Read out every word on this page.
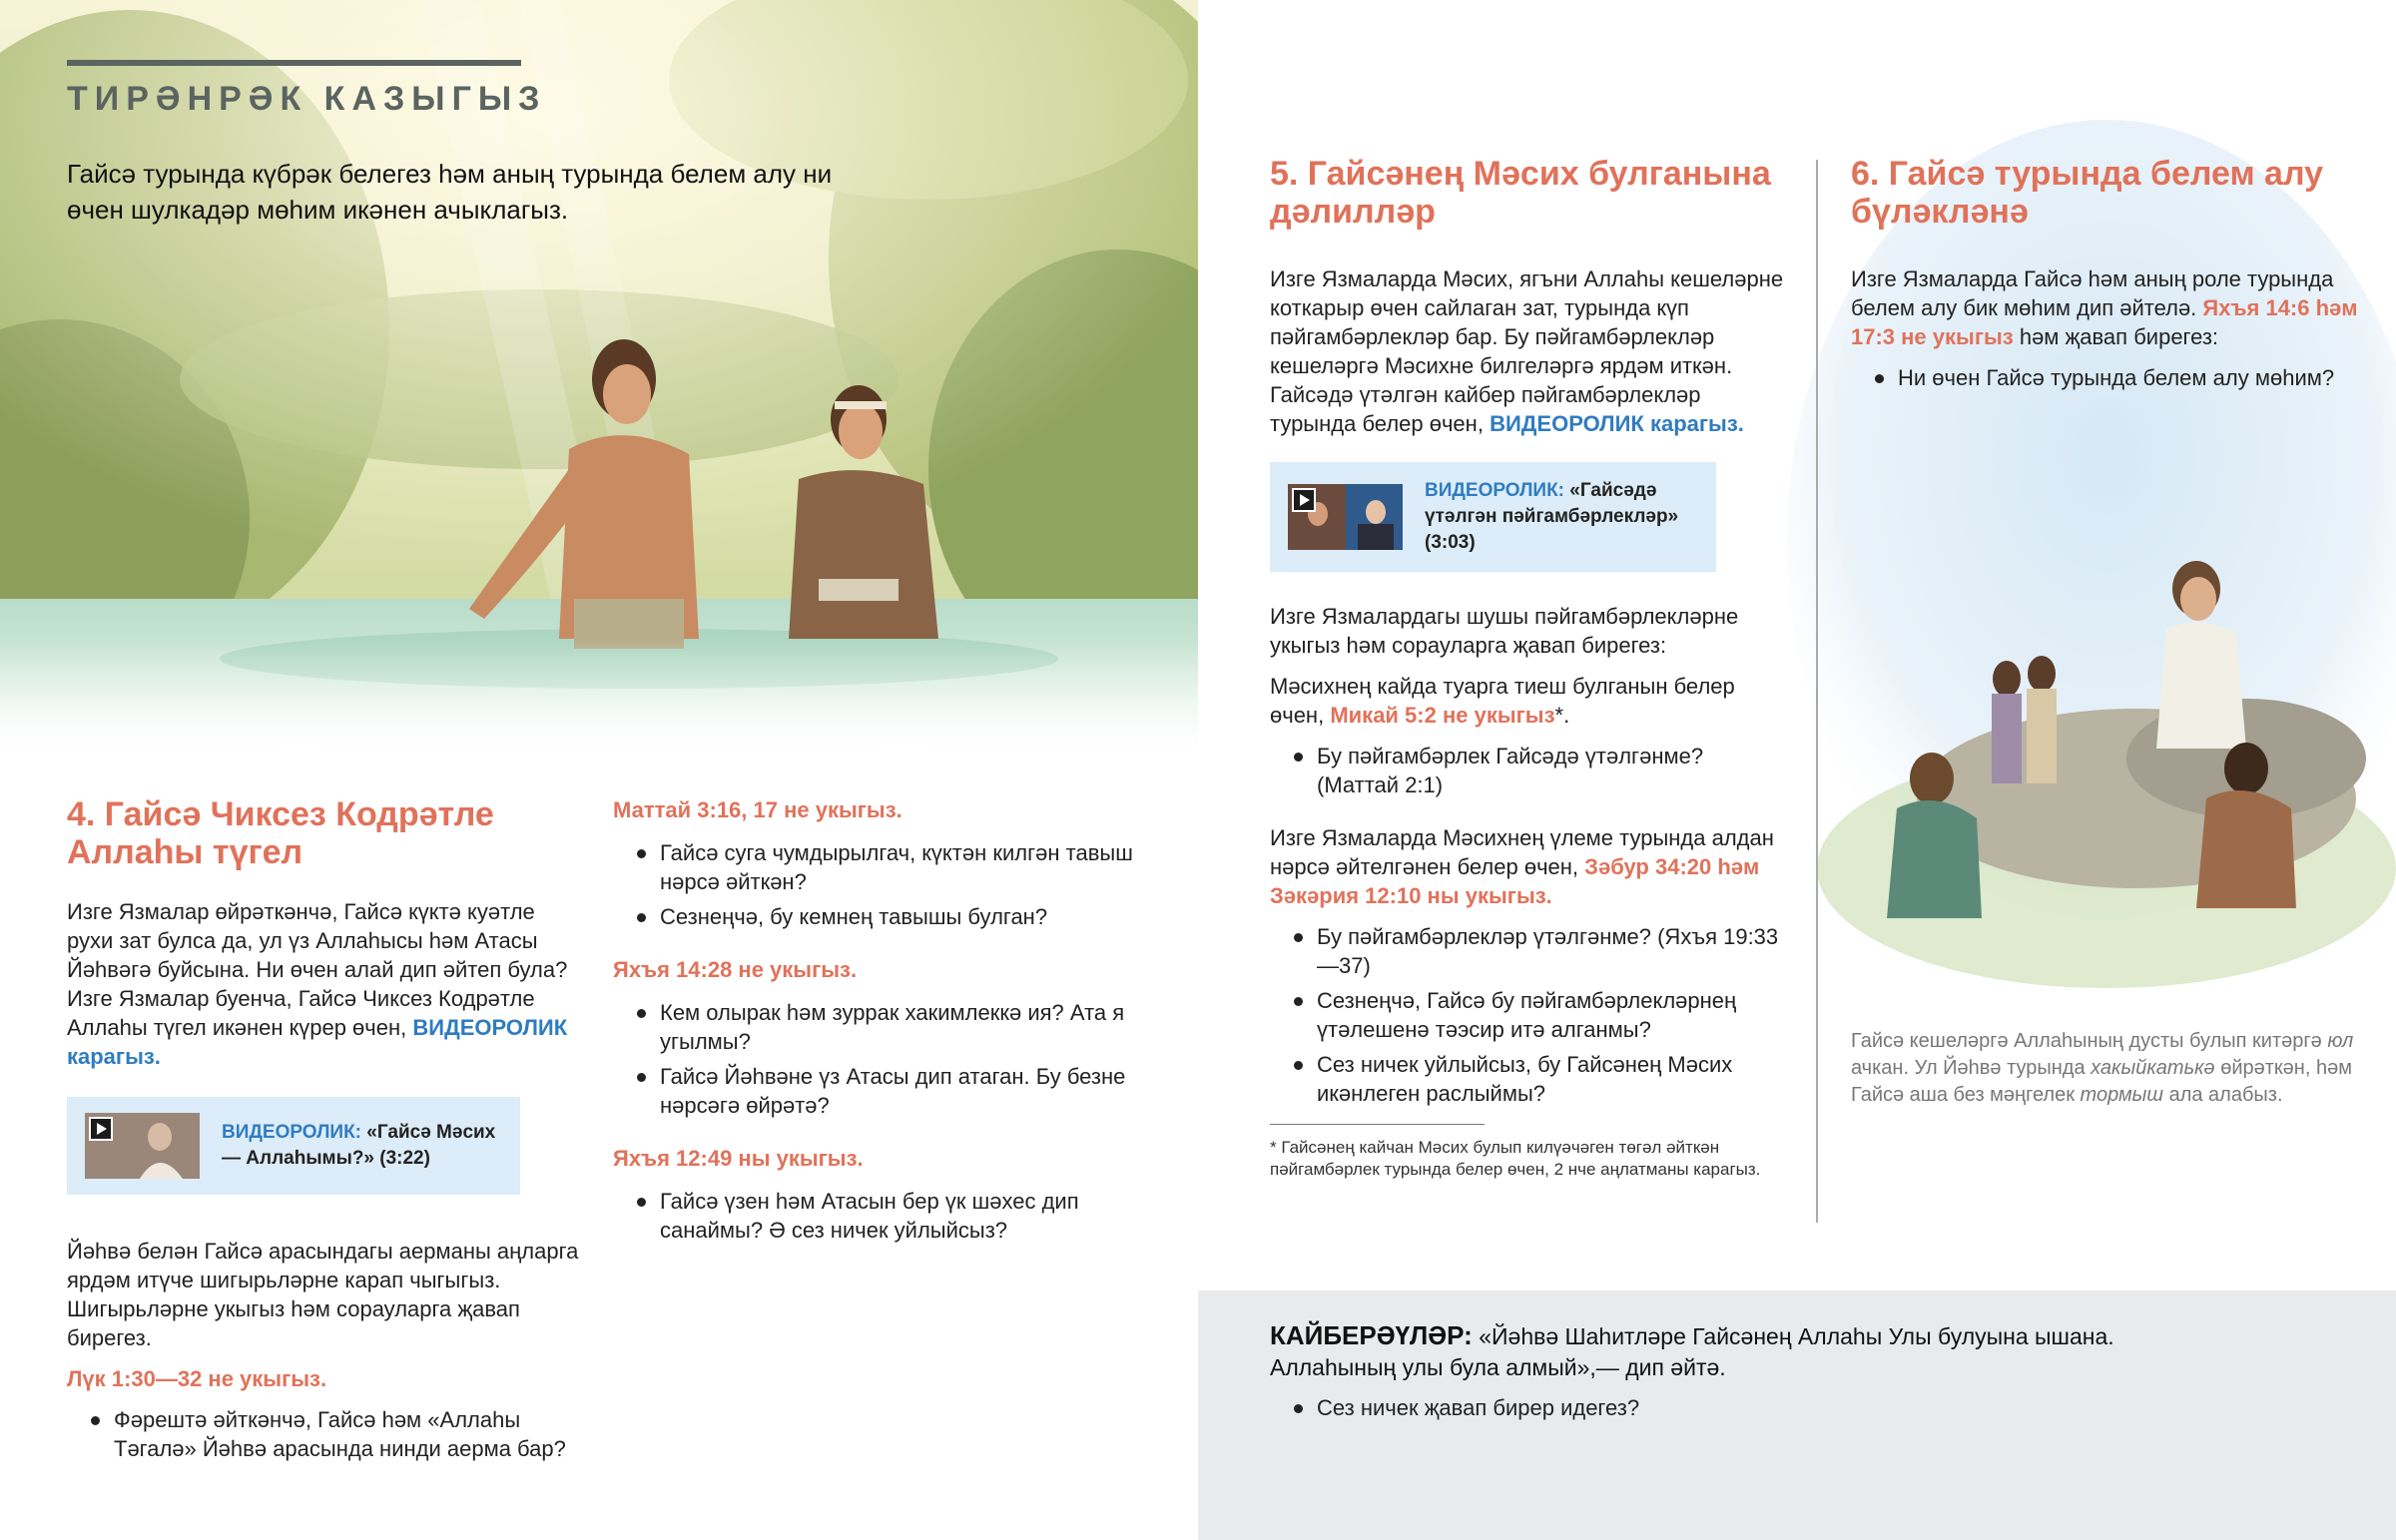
ТИРӘНРӘК КАЗЫГЫЗ
Гайсә турында күбрәк белегез һәм аның турында белем алу ни өчен шулкадәр мөһим икәнен ачыклагыз.
4. Гайсә Чиксез Кодрәтле Аллаһы түгел

Изге Язмалар өйрәткәнчә, Гайсә күктә куәтле рухи зат булса да, ул үз Аллаһысы һәм Атасы Йәһвәгә буйсына. Ни өчен алай дип әйтеп була? Изге Язмалар буенча, Гайсә Чиксез Кодрәтле Аллаһы түгел икәнен күрер өчен, ВИДЕОРОЛИК карагыз.

ВИДЕОРОЛИК: «Гайсә Мәсих — Аллаһымы?» (3:22)

Йәһвә белән Гайсә арасындагы аерманы аңларга ярдәм итүче шигырьләрне карап чыгыгыз. Шигырьләрне укыгыз һәм сорауларга җавап бирегез.

Лүк 1:30—32 не укыгыз.

Фәрештә әйткәнчә, Гайсә һәм «Аллаһы Тәгалә» Йәһвә арасында нинди аерма бар?

Маттай 3:16, 17 не укыгыз.

Гайсә суга чумдырылгач, күктән килгән тавыш нәрсә әйткән?
Сезнеңчә, бу кемнең тавышы булган?

Яхъя 14:28 не укыгыз.

Кем олырак һәм зуррак хакимлеккә ия? Ата я угылмы?
Гайсә Йәһвәне үз Атасы дип атаган. Бу безне нәрсәгә өйрәтә?

Яхъя 12:49 ны укыгыз.

Гайсә үзен һәм Атасын бер үк шәхес дип санаймы? Ә сез ничек уйлыйсыз?
5. Гайсәнең Мәсих булганына дәлилләр

Изге Язмаларда Мәсих, ягъни Аллаһы кешеләрне коткарыр өчен сайлаган зат, турында күп пәйгамбәрлекләр бар. Бу пәйгамбәрлекләр кешеләргә Мәсихне билгеләргә ярдәм иткән. Гайсәдә үтәлгән кайбер пәйгамбәрлекләр турында белер өчен, ВИДЕОРОЛИК карагыз.

ВИДЕОРОЛИК: «Гайсәдә үтәлгән пәйгамбәрлекләр» (3:03)

Изге Язмалардагы шушы пәйгамбәрлекләрне укыгыз һәм сорауларга җавап бирегез:

Мәсихнең кайда туарга тиеш булганын белер өчен, Микай 5:2 не укыгыз*.

Бу пәйгамбәрлек Гайсәдә үтәлгәнме? (Маттай 2:1)

Изге Язмаларда Мәсихнең үлеме турында алдан нәрсә әйтелгәнен белер өчен, Зәбур 34:20 һәм Зәкәрия 12:10 ны укыгыз.

Бу пәйгамбәрлекләр үтәлгәнме? (Яхъя 19:33—37)
Сезнеңчә, Гайсә бу пәйгамбәрлекләрнең үтәлешенә тәэсир итә алганмы?
Сез ничек уйлыйсыз, бу Гайсәнең Мәсих икәнлеген раслыймы?

* Гайсәнең кайчан Мәсих булып килүәчәген төгәл әйткән пәйгамбәрлек турында белер өчен, 2 нче аңлатманы карагыз.

6. Гайсә турында белем алу бүләкләнә

Изге Язмаларда Гайсә һәм аның роле турында белем алу бик мөһим дип әйтелә. Яхъя 14:6 һәм 17:3 не укыгыз һәм җавап бирегез:

Ни өчен Гайсә турында белем алу мөһим?

Гайсә кешеләргә Аллаһының дусты булып китәргә юл ачкан. Ул Йәһвә турында хакыйкатькә өйрәткән, һәм Гайсә аша без мәңгелек тормыш ала алабыз.

КАЙБЕРӘҮЛӘР: «Йәһвә Шаһитләре Гайсәнең Аллаһы Улы булуына ышана. Аллаһының улы була алмый»,— дип әйтә.

Сез ничек җавап бирер идегез?
